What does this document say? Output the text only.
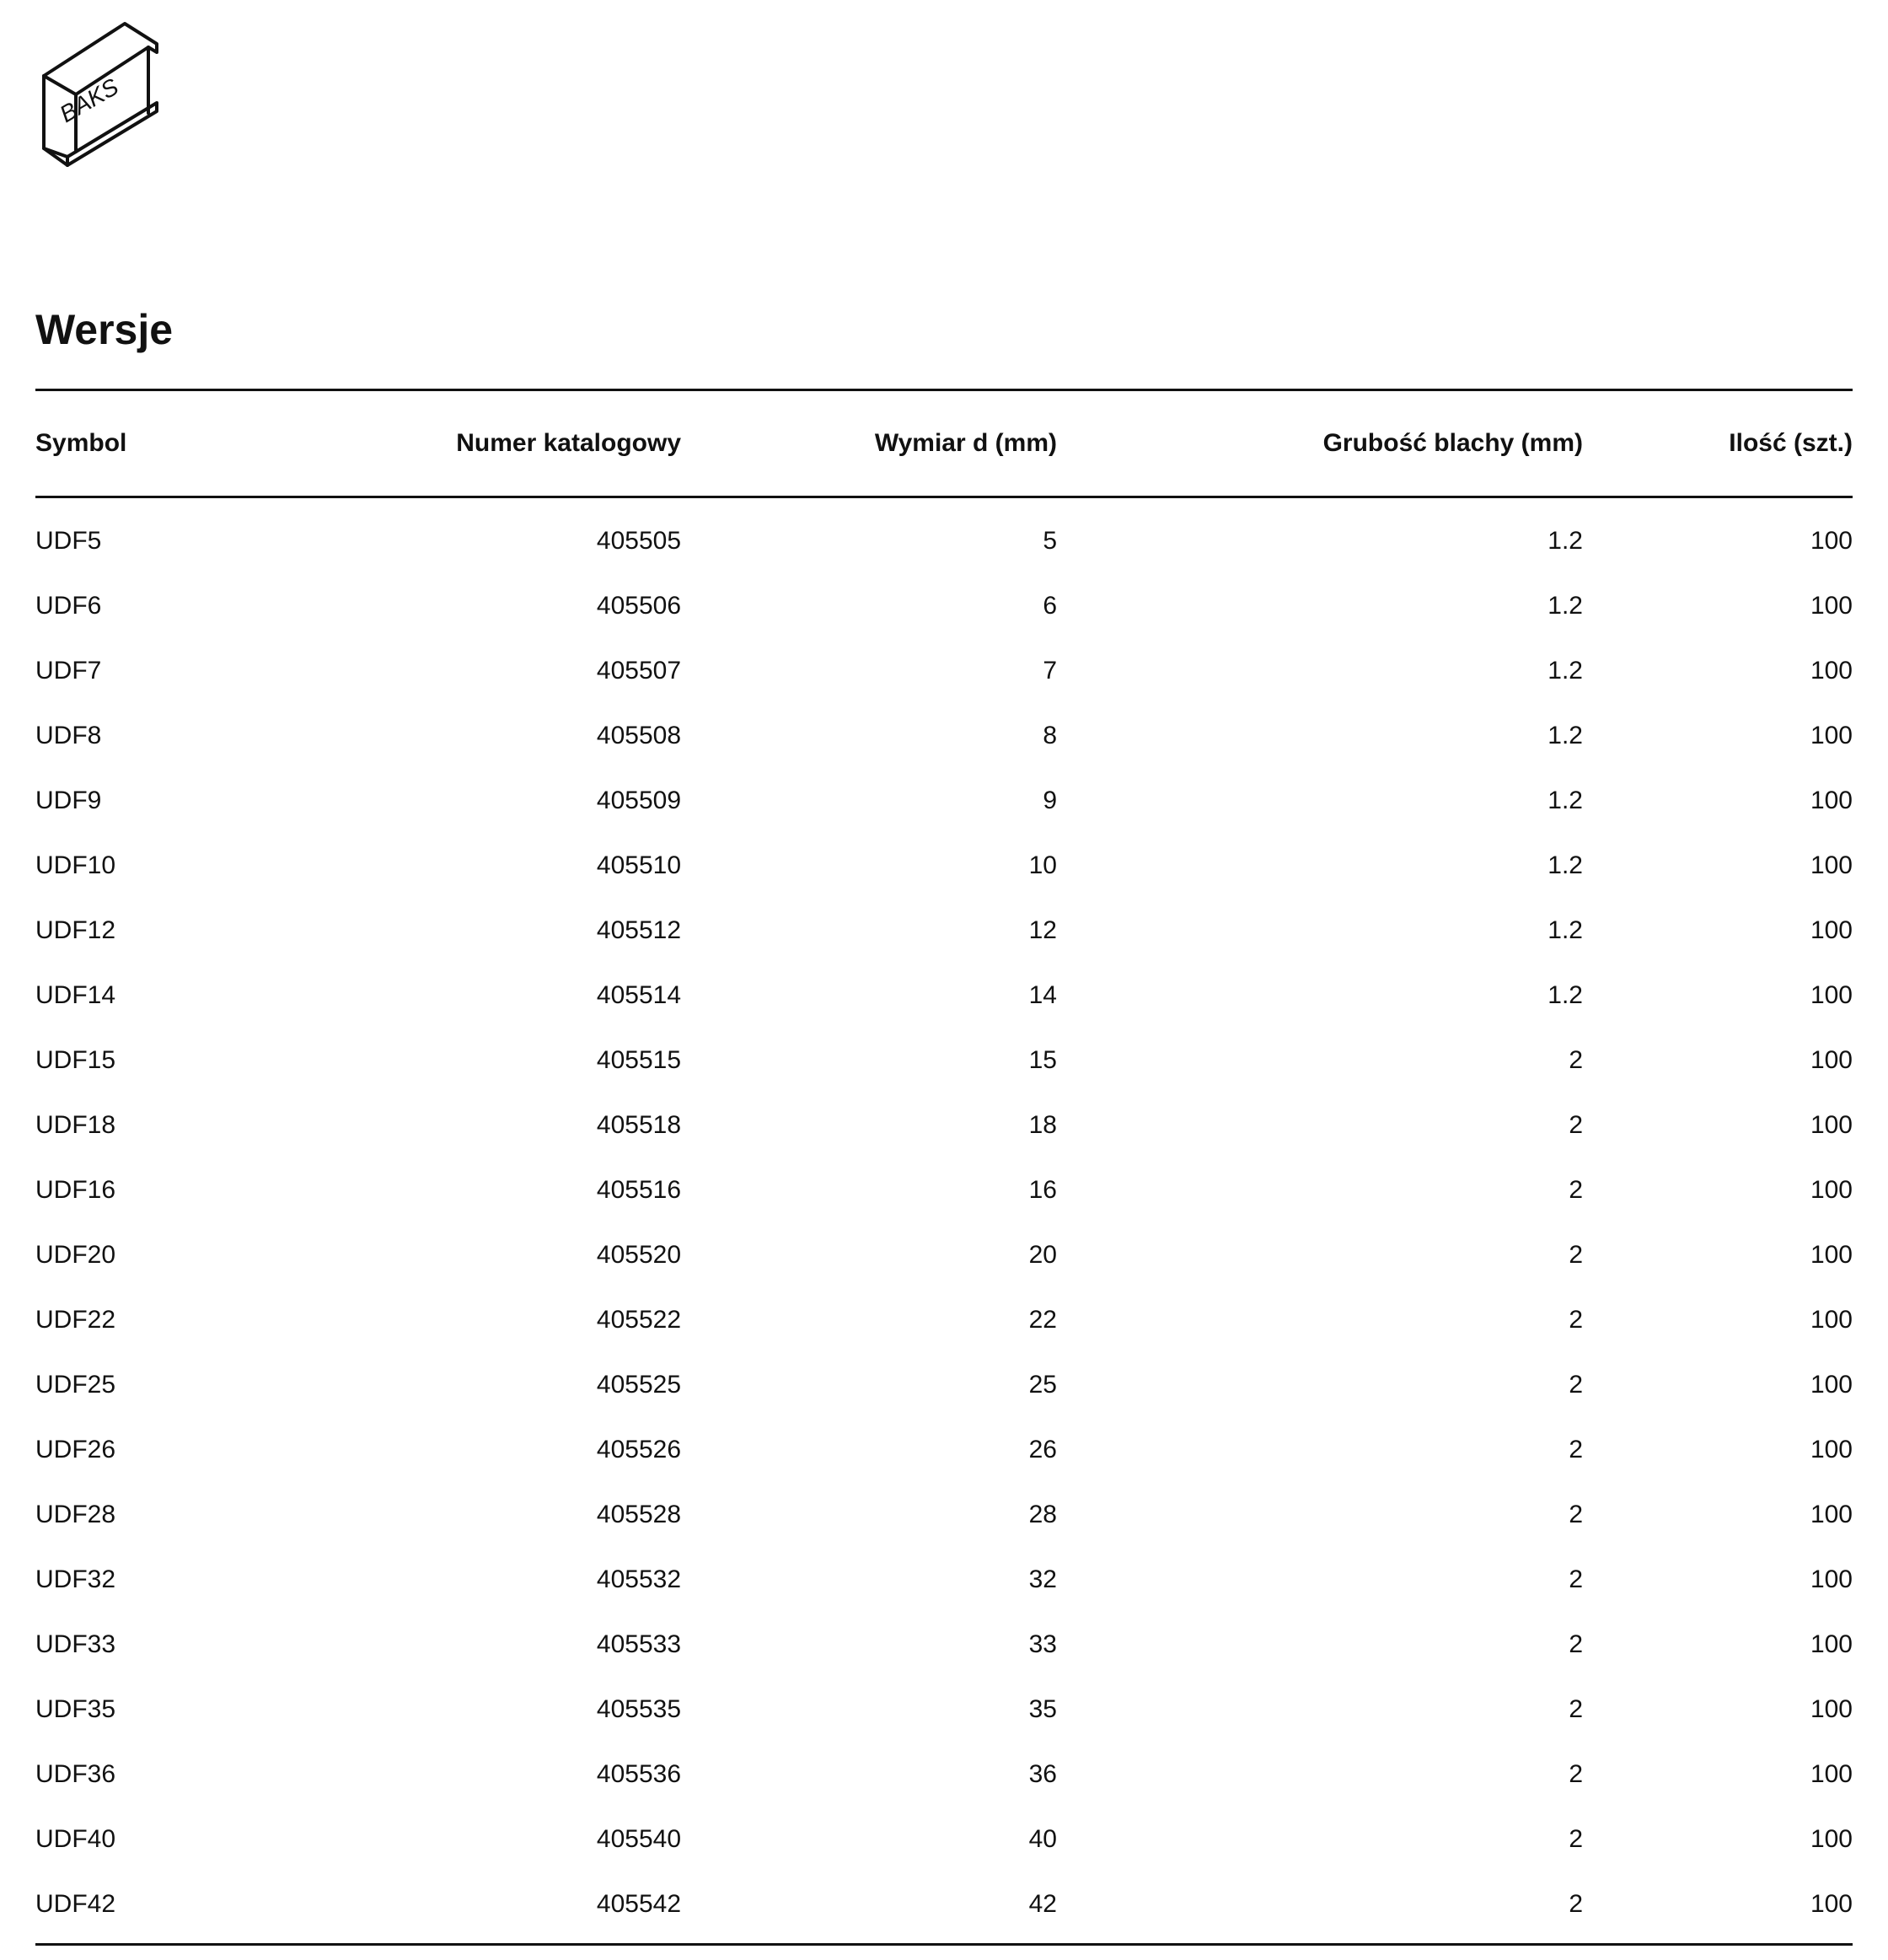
BAKS
Wersje
Symbol	Numer katalogowy	Wymiar d (mm)	Grubość blachy (mm)	Ilość (szt.)
UDF5	405505	5	1.2	100
UDF6	405506	6	1.2	100
UDF7	405507	7	1.2	100
UDF8	405508	8	1.2	100
UDF9	405509	9	1.2	100
UDF10	405510	10	1.2	100
UDF12	405512	12	1.2	100
UDF14	405514	14	1.2	100
UDF15	405515	15	2	100
UDF18	405518	18	2	100
UDF16	405516	16	2	100
UDF20	405520	20	2	100
UDF22	405522	22	2	100
UDF25	405525	25	2	100
UDF26	405526	26	2	100
UDF28	405528	28	2	100
UDF32	405532	32	2	100
UDF33	405533	33	2	100
UDF35	405535	35	2	100
UDF36	405536	36	2	100
UDF40	405540	40	2	100
UDF42	405542	42	2	100
